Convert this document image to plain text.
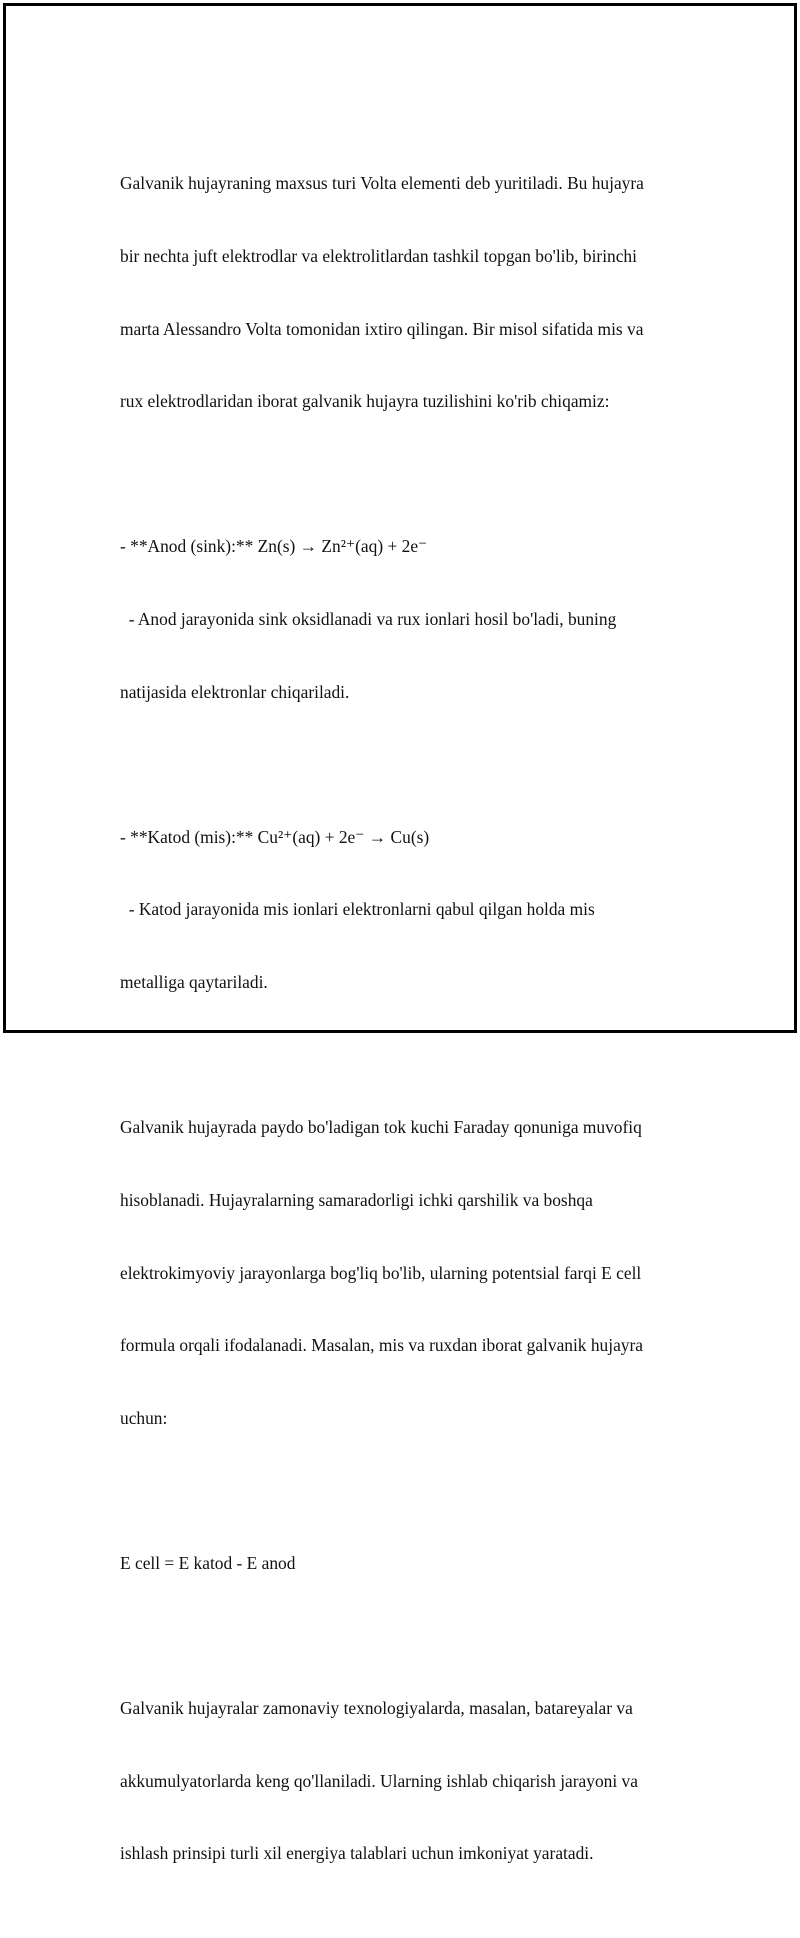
Galvanik hujayraning maxsus turi Volta elementi deb yuritiladi. Bu hujayra

bir nechta juft elektrodlar va elektrolitlardan tashkil topgan bo'lib, birinchi

marta Alessandro Volta tomonidan ixtiro qilingan. Bir misol sifatida mis va

rux elektrodlaridan iborat galvanik hujayra tuzilishini ko'rib chiqamiz:

- **Anod (sink):** Zn(s) → Zn²⁺(aq) + 2e⁻

- Anod jarayonida sink oksidlanadi va rux ionlari hosil bo'ladi, buning

natijasida elektronlar chiqariladi.

- **Katod (mis):** Cu²⁺(aq) + 2e⁻ → Cu(s)

- Katod jarayonida mis ionlari elektronlarni qabul qilgan holda mis

metalliga qaytariladi.

Galvanik hujayrada paydo bo'ladigan tok kuchi Faraday qonuniga muvofiq

hisoblanadi. Hujayralarning samaradorligi ichki qarshilik va boshqa

elektrokimyoviy jarayonlarga bog'liq bo'lib, ularning potentsial farqi E cell

formula orqali ifodalanadi. Masalan, mis va ruxdan iborat galvanik hujayra

uchun:

E cell = E katod - E anod

Galvanik hujayralar zamonaviy texnologiyalarda, masalan, batareyalar va

akkumulyatorlarda keng qo'llaniladi. Ularning ishlab chiqarish jarayoni va

ishlash prinsipi turli xil energiya talablari uchun imkoniyat yaratadi.
